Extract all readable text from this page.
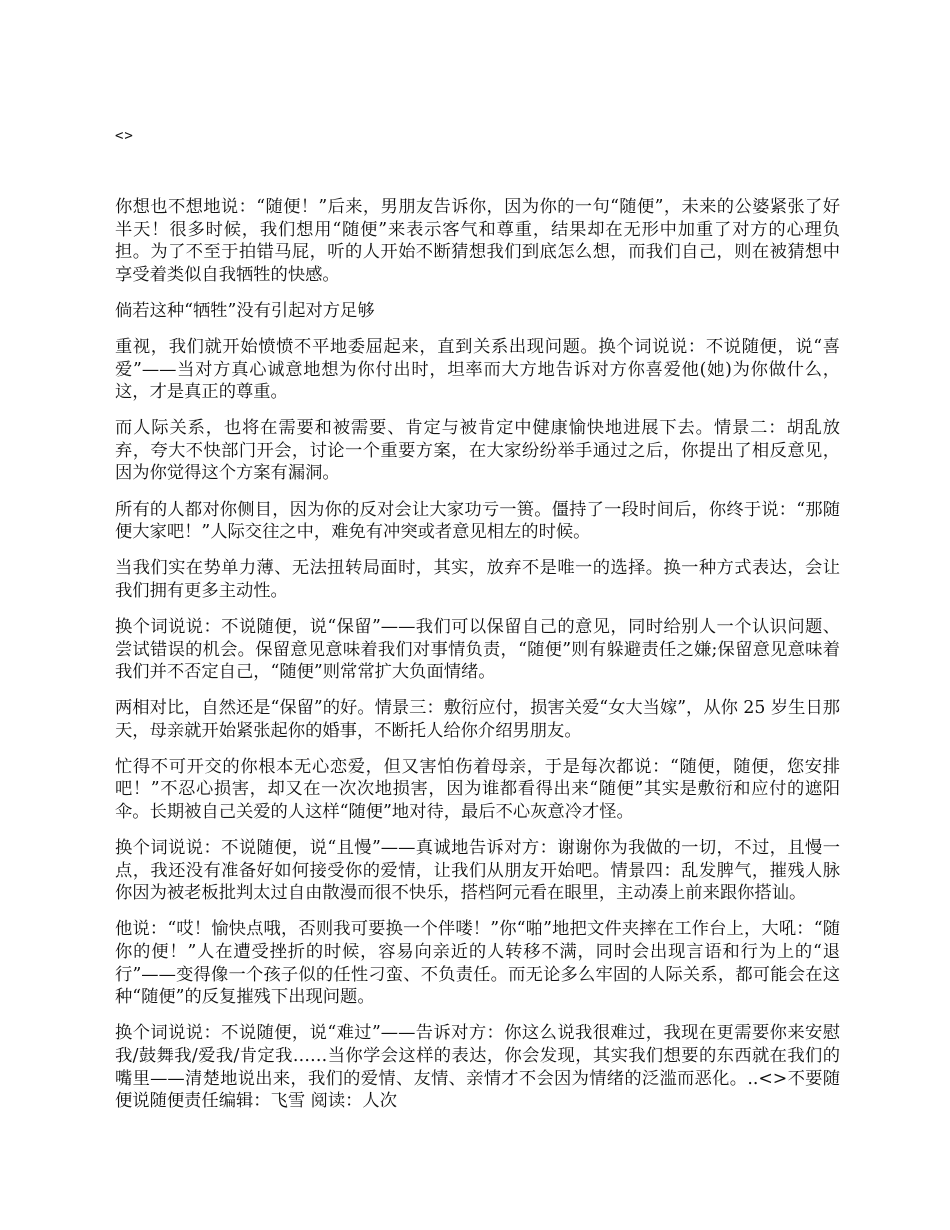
<>

你想也不想地说：“随便！”后来，男朋友告诉你，因为你的一句“随便”，未来的公婆紧张了好半天！很多时候，我们想用“随便”来表示客气和尊重，结果却在无形中加重了对方的心理负担。为了不至于拍错马屁，听的人开始不断猜想我们到底怎么想，而我们自己，则在被猜想中享受着类似自我牺牲的快感。

倘若这种“牺牲”没有引起对方足够

重视，我们就开始愤愤不平地委屈起来，直到关系出现问题。换个词说说：不说随便，说“喜爱”——当对方真心诚意地想为你付出时，坦率而大方地告诉对方你喜爱他(她)为你做什么，这，才是真正的尊重。

而人际关系，也将在需要和被需要、肯定与被肯定中健康愉快地进展下去。情景二：胡乱放弃，夸大不快部门开会，讨论一个重要方案，在大家纷纷举手通过之后，你提出了相反意见，因为你觉得这个方案有漏洞。

所有的人都对你侧目，因为你的反对会让大家功亏一篑。僵持了一段时间后，你终于说：“那随便大家吧！”人际交往之中，难免有冲突或者意见相左的时候。

当我们实在势单力薄、无法扭转局面时，其实，放弃不是唯一的选择。换一种方式表达，会让我们拥有更多主动性。

换个词说说：不说随便，说“保留”——我们可以保留自己的意见，同时给别人一个认识问题、尝试错误的机会。保留意见意味着我们对事情负责，“随便”则有躲避责任之嫌;保留意见意味着我们并不否定自己，“随便”则常常扩大负面情绪。

两相对比，自然还是“保留”的好。情景三：敷衍应付，损害关爱“女大当嫁”，从你 25 岁生日那天，母亲就开始紧张起你的婚事，不断托人给你介绍男朋友。

忙得不可开交的你根本无心恋爱，但又害怕伤着母亲，于是每次都说：“随便，随便，您安排吧！”不忍心损害，却又在一次次地损害，因为谁都看得出来“随便”其实是敷衍和应付的遮阳伞。长期被自己关爱的人这样“随便”地对待，最后不心灰意冷才怪。

换个词说说：不说随便，说“且慢”——真诚地告诉对方：谢谢你为我做的一切，不过，且慢一点，我还没有准备好如何接受你的爱情，让我们从朋友开始吧。情景四：乱发脾气，摧残人脉你因为被老板批判太过自由散漫而很不快乐，搭档阿元看在眼里，主动凑上前来跟你搭讪。

他说：“哎！愉快点哦，否则我可要换一个伴喽！”你“啪”地把文件夹摔在工作台上，大吼：“随你的便！”人在遭受挫折的时候，容易向亲近的人转移不满，同时会出现言语和行为上的“退行”——变得像一个孩子似的任性刁蛮、不负责任。而无论多么牢固的人际关系，都可能会在这种“随便”的反复摧残下出现问题。

换个词说说：不说随便，说“难过”——告诉对方：你这么说我很难过，我现在更需要你来安慰我/鼓舞我/爱我/肯定我……当你学会这样的表达，你会发现，其实我们想要的东西就在我们的嘴里——清楚地说出来，我们的爱情、友情、亲情才不会因为情绪的泛滥而恶化。..<>不要随便说随便责任编辑：飞雪 阅读：人次
